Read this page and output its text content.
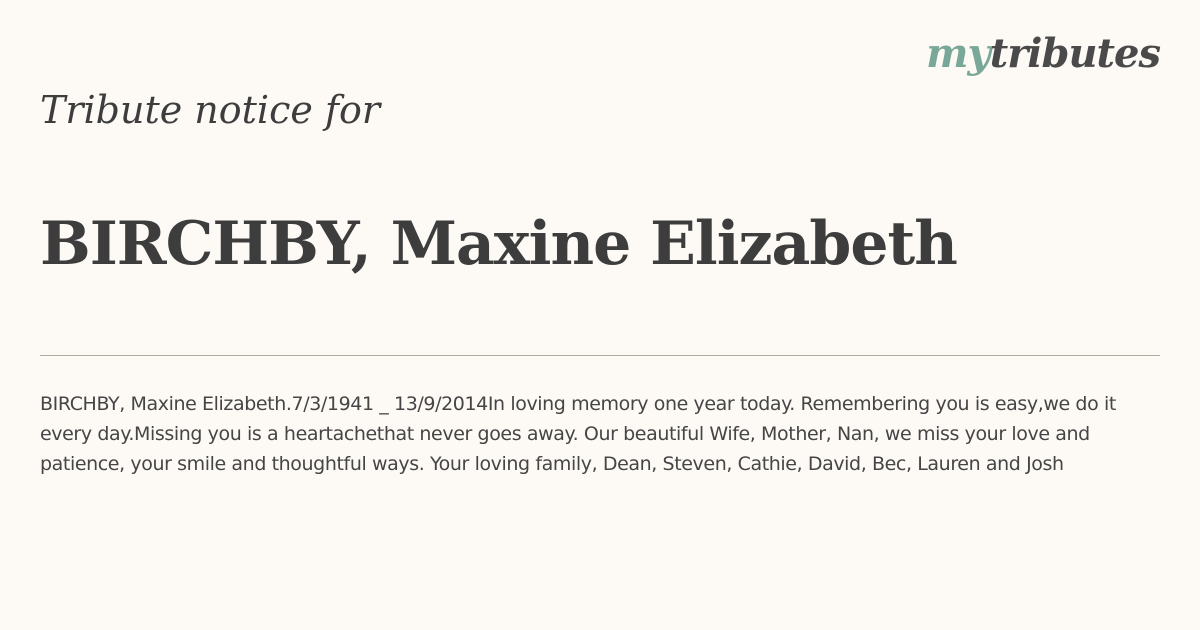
mytributes
Tribute notice for
BIRCHBY, Maxine Elizabeth

BIRCHBY, Maxine Elizabeth.7/3/1941 _ 13/9/2014In loving memory one year today. Remembering you is easy,we do it every day.Missing you is a heartachethat never goes away. Our beautiful Wife, Mother, Nan, we miss your love and patience, your smile and thoughtful ways. Your loving family, Dean, Steven, Cathie, David, Bec, Lauren and Josh
